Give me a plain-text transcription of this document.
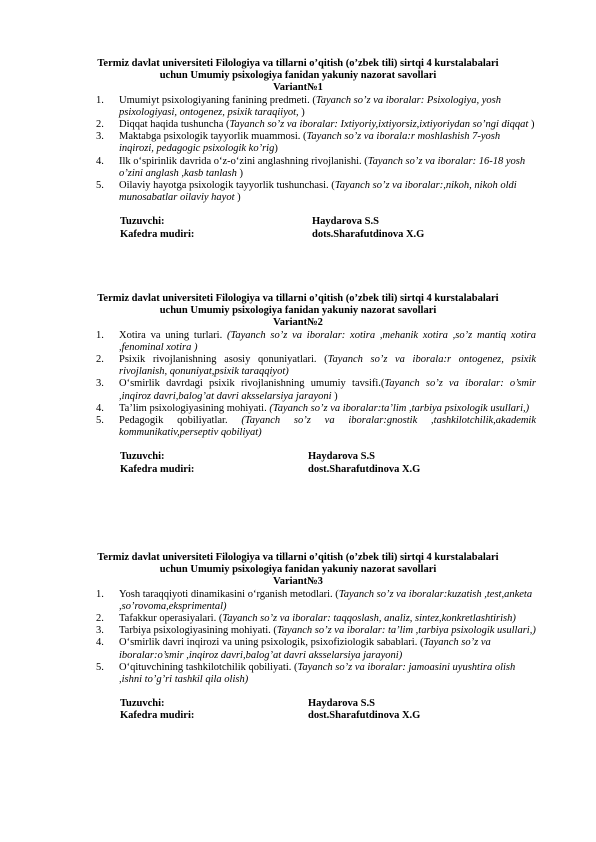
Termiz davlat universiteti Filologiya va tillarni o’qitish (o’zbek tili) sirtqi 4 kurstalabalari
uchun Umumiy psixologiya fanidan yakuniy nazorat savollari
Variant№1
1. Umumiyt psixologiyaning fanining predmeti. (Tayanch so’z va iboralar: Psixologiya, yosh psixologiyasi, ontogenez, psixik taraqiiyot, )
2. Diqqat haqida tushuncha (Tayanch so’z va iboralar: Ixtiyoriy,ixtiyorsiz,ixtiyoriydan so’ngi diqqat )
3. Maktabga psixologik tayyorlik muammosi. (Tayanch so’z va iborala:r moshlashish 7-yosh inqirozi, pedagogic psixologik ko’rig)
4. Ilk o‘spirinlik davrida o‘z-o‘zini anglashning rivojlanishi. (Tayanch so’z va iboralar: 16-18 yosh o’zini anglash ,kasb tanlash )
5. Oilaviy hayotga psixologik tayyorlik tushunchasi. (Tayanch so’z va iboralar:,nikoh, nikoh oldi munosabatlar oilaviy hayot )
Tuzuvchi:	Haydarova S.S
Kafedra mudiri:	dots.Sharafutdinova X.G
Termiz davlat universiteti Filologiya va tillarni o’qitish (o’zbek tili) sirtqi 4 kurstalabalari
uchun Umumiy psixologiya fanidan yakuniy nazorat savollari
Variant№2
1. Xotira va uning turlari. (Tayanch so’z va iboralar: xotira ,mehanik xotira ,so’z mantiq xotira ,fenominal xotira )
2. Psixik rivojlanishning asosiy qonuniyatlari. (Tayanch so’z va iborala:r ontogenez, psixik rivojlanish, qonuniyat,psixik taraqqiyot)
3. O‘smirlik davrdagi psixik rivojlanishning umumiy tavsifi.(Tayanch so’z va iboralar: o’smir ,inqiroz davri,balog’at davri aksselarsiya jarayoni )
4. Ta’lim psixologiyasining mohiyati. (Tayanch so’z va iboralar:ta’lim ,tarbiya psixologik usullari,)
5. Pedagogik qobiliyatlar. (Tayanch so’z va iboralar:gnostik ,tashkilotchilik,akademik kommunikativ,perseptiv qobiliyat)
Tuzuvchi:	Haydarova S.S
Kafedra mudiri:	dost.Sharafutdinova X.G
Termiz davlat universiteti Filologiya va tillarni o’qitish (o’zbek tili) sirtqi 4 kurstalabalari
uchun Umumiy psixologiya fanidan yakuniy nazorat savollari
Variant№3
1. Yosh taraqqiyoti dinamikasini o‘rganish metodlari. (Tayanch so’z va iboralar:kuzatish ,test,anketa ,so’rovoma,eksprimental)
2. Tafakkur operasiyalari. (Tayanch so’z va iboralar: taqqoslash, analiz, sintez,konkretlashtirish)
3. Tarbiya psixologiyasining mohiyati. (Tayanch so’z va iboralar: ta’lim ,tarbiya psixologik usullari,)
4. O‘smirlik davri inqirozi va uning psixologik, psixofiziologik sabablari. (Tayanch so’z va iboralar:o’smir ,inqiroz davri,balog’at davri aksselarsiya jarayoni)
5. O‘qituvchining tashkilotchilik qobiliyati. (Tayanch so’z va iboralar: jamoasini uyushtira olish ,ishni to’g’ri tashkil qila olish)
Tuzuvchi:	Haydarova S.S
Kafedra mudiri:	dost.Sharafutdinova X.G
